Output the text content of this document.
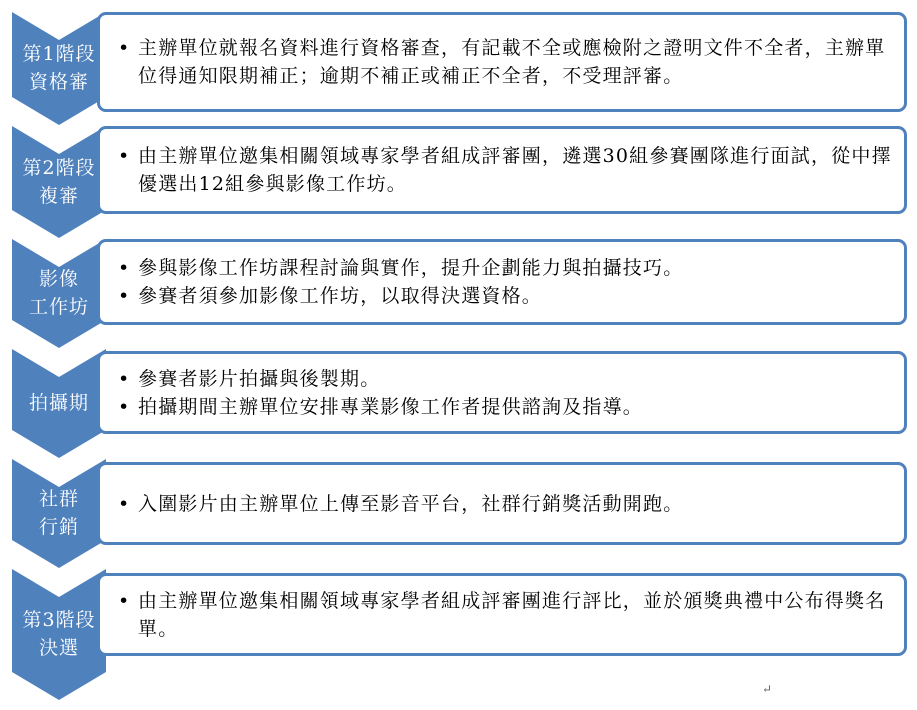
第1階段
資格審
第2階段
複審
影像
工作坊
拍攝期
社群
行銷
第3階段
決選
• 主辦單位就報名資料進行資格審查，有記載不全或應檢附之證明文件不全者，主辦單位得通知限期補正；逾期不補正或補正不全者，不受理評審。
• 由主辦單位邀集相關領域專家學者組成評審團，遴選30組參賽團隊進行面試，從中擇優選出12組參與影像工作坊。
• 參與影像工作坊課程討論與實作，提升企劃能力與拍攝技巧。
• 參賽者須參加影像工作坊，以取得決選資格。
• 參賽者影片拍攝與後製期。
• 拍攝期間主辦單位安排專業影像工作者提供諮詢及指導。
• 入圍影片由主辦單位上傳至影音平台，社群行銷獎活動開跑。
• 由主辦單位邀集相關領域專家學者組成評審團進行評比，並於頒獎典禮中公布得獎名單。
↵
